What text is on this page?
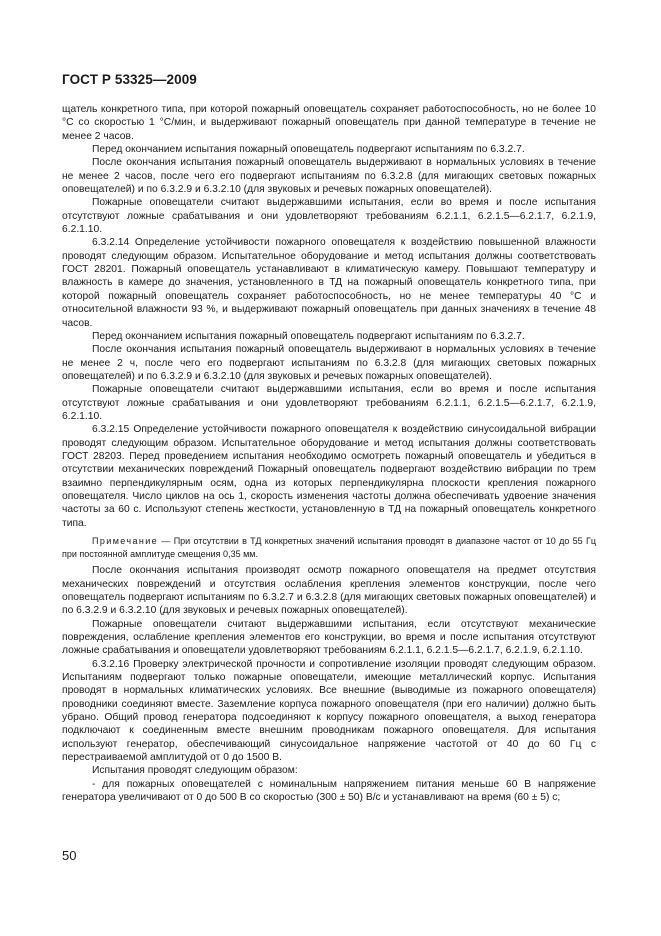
ГОСТ Р 53325—2009

щатель конкретного типа, при которой пожарный оповещатель сохраняет работоспособность, но не более 10 °С со скоростью 1 °С/мин, и выдерживают пожарный оповещатель при данной температуре в течение не менее 2 часов.

Перед окончанием испытания пожарный оповещатель подвергают испытаниям по 6.3.2.7.

После окончания испытания пожарный оповещатель выдерживают в нормальных условиях в течение не менее 2 часов, после чего его подвергают испытаниям по 6.3.2.8 (для мигающих световых пожарных оповещателей) и по 6.3.2.9 и 6.3.2.10 (для звуковых и речевых пожарных оповещателей).

Пожарные оповещатели считают выдержавшими испытания, если во время и после испытания отсутствуют ложные срабатывания и они удовлетворяют требованиям 6.2.1.1, 6.2.1.5—6.2.1.7, 6.2.1.9, 6.2.1.10.

6.3.2.14 Определение устойчивости пожарного оповещателя к воздействию повышенной влажности проводят следующим образом. Испытательное оборудование и метод испытания должны соответствовать ГОСТ 28201. Пожарный оповещатель устанавливают в климатическую камеру. Повышают температуру и влажность в камере до значения, установленного в ТД на пожарный оповещатель конкретного типа, при которой пожарный оповещатель сохраняет работоспособность, но не менее температуры 40 °С и относительной влажности 93 %, и выдерживают пожарный оповещатель при данных значениях в течение 48 часов.

Перед окончанием испытания пожарный оповещатель подвергают испытаниям по 6.3.2.7.

После окончания испытания пожарный оповещатель выдерживают в нормальных условиях в течение не менее 2 ч, после чего его подвергают испытаниям по 6.3.2.8 (для мигающих световых пожарных оповещателей) и по 6.3.2.9 и 6.3.2.10 (для звуковых и речевых пожарных оповещателей).

Пожарные оповещатели считают выдержавшими испытания, если во время и после испытания отсутствуют ложные срабатывания и они удовлетворяют требованиям 6.2.1.1, 6.2.1.5—6.2.1.7, 6.2.1.9, 6.2.1.10.

6.3.2.15 Определение устойчивости пожарного оповещателя к воздействию синусоидальной вибрации проводят следующим образом. Испытательное оборудование и метод испытания должны соответствовать ГОСТ 28203. Перед проведением испытания необходимо осмотреть пожарный оповещатель и убедиться в отсутствии механических повреждений Пожарный оповещатель подвергают воздействию вибрации по трем взаимно перпендикулярным осям, одна из которых перпендикулярна плоскости крепления пожарного оповещателя. Число циклов на ось 1, скорость изменения частоты должна обеспечивать удвоение значения частоты за 60 с. Используют степень жесткости, установленную в ТД на пожарный оповещатель конкретного типа.

Примечание — При отсутствии в ТД конкретных значений испытания проводят в диапазоне частот от 10 до 55 Гц при постоянной амплитуде смещения 0,35 мм.

После окончания испытания производят осмотр пожарного оповещателя на предмет отсутствия механических повреждений и отсутствия ослабления крепления элементов конструкции, после чего оповещатель подвергают испытаниям по 6.3.2.7 и 6.3.2.8 (для мигающих световых пожарных оповещателей) и по 6.3.2.9 и 6.3.2.10 (для звуковых и речевых пожарных оповещателей).

Пожарные оповещатели считают выдержавшими испытания, если отсутствуют механические повреждения, ослабление крепления элементов его конструкции, во время и после испытания отсутствуют ложные срабатывания и оповещатели удовлетворяют требованиям 6.2.1.1, 6.2.1.5—6.2.1.7, 6.2.1.9, 6.2.1.10.

6.3.2.16 Проверку электрической прочности и сопротивление изоляции проводят следующим образом. Испытаниям подвергают только пожарные оповещатели, имеющие металлический корпус. Испытания проводят в нормальных климатических условиях. Все внешние (выводимые из пожарного оповещателя) проводники соединяют вместе. Заземление корпуса пожарного оповещателя (при его наличии) должно быть убрано. Общий провод генератора подсоединяют к корпусу пожарного оповещателя, а выход генератора подключают к соединенным вместе внешним проводникам пожарного оповещателя. Для испытания используют генератор, обеспечивающий синусоидальное напряжение частотой от 40 до 60 Гц с перестраиваемой амплитудой от 0 до 1500 В.

Испытания проводят следующим образом:

- для пожарных оповещателей с номинальным напряжением питания меньше 60 В напряжение генератора увеличивают от 0 до 500 В со скоростью (300 ± 50) В/с и устанавливают на время (60 ± 5) с;

50
